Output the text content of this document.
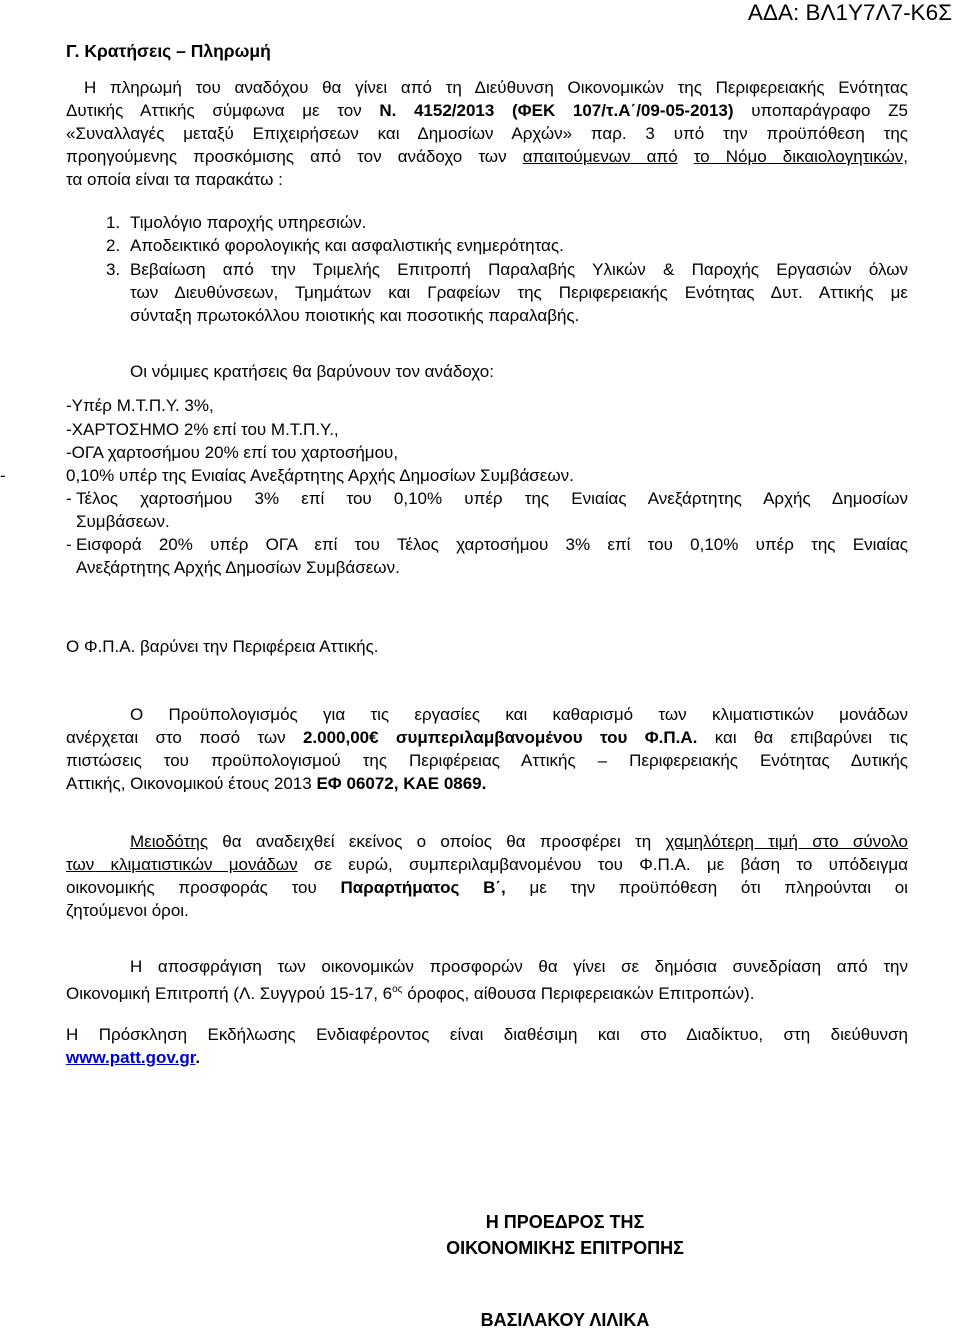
ΑΔΑ: ΒΛ1Υ7Λ7-Κ6Σ
Γ. Κρατήσεις – Πληρωμή
Η πληρωμή του αναδόχου θα γίνει από τη Διεύθυνση Οικονομικών της Περιφερειακής Ενότητας
Δυτικής Αττικής σύμφωνα με τον Ν. 4152/2013 (ΦΕΚ 107/τ.Α΄/09-05-2013) υποπαράγραφο Ζ5
«Συναλλαγές μεταξύ Επιχειρήσεων και Δημοσίων Αρχών» παρ. 3 υπό την προϋπόθεση της
προηγούμενης προσκόμισης από τον ανάδοχο των απαιτούμενων από το Νόμο δικαιολογητικών,
τα οποία είναι τα παρακάτω :
1. Τιμολόγιο παροχής υπηρεσιών.
2. Αποδεικτικό φορολογικής και ασφαλιστικής ενημερότητας.
3. Βεβαίωση από την Τριμελής Επιτροπή Παραλαβής Υλικών & Παροχής Εργασιών όλων
των Διευθύνσεων, Τμημάτων και Γραφείων της Περιφερειακής Ενότητας Δυτ. Αττικής με
σύνταξη πρωτοκόλλου ποιοτικής και ποσοτικής παραλαβής.
Οι νόμιμες κρατήσεις θα βαρύνουν τον ανάδοχο:
-Υπέρ Μ.Τ.Π.Υ. 3%,
-ΧΑΡΤΟΣΗΜΟ 2% επί του Μ.Τ.Π.Υ.,
-ΟΓΑ χαρτοσήμου 20% επί του χαρτοσήμου,
-	0,10% υπέρ της Ενιαίας Ανεξάρτητης Αρχής Δημοσίων Συμβάσεων.
- Τέλος χαρτοσήμου 3% επί του 0,10% υπέρ της Ενιαίας Ανεξάρτητης Αρχής Δημοσίων
Συμβάσεων.
- Εισφορά 20% υπέρ ΟΓΑ επί του Τέλος χαρτοσήμου 3% επί του 0,10% υπέρ της Ενιαίας
Ανεξάρτητης Αρχής Δημοσίων Συμβάσεων.
Ο Φ.Π.Α. βαρύνει την Περιφέρεια Αττικής.
Ο Προϋπολογισμός για τις εργασίες και καθαρισμό των κλιματιστικών μονάδων
ανέρχεται στο ποσό των 2.000,00€ συμπεριλαμβανομένου του Φ.Π.Α. και θα επιβαρύνει τις
πιστώσεις του προϋπολογισμού της Περιφέρειας Αττικής – Περιφερειακής Ενότητας Δυτικής
Αττικής, Οικονομικού έτους 2013 ΕΦ 06072, ΚΑΕ 0869.
Μειοδότης θα αναδειχθεί εκείνος ο οποίος θα προσφέρει τη χαμηλότερη τιμή στο σύνολο
των κλιματιστικών μονάδων σε ευρώ, συμπεριλαμβανομένου του Φ.Π.Α. με βάση το υπόδειγμα
οικονομικής προσφοράς του Παραρτήματος Β΄, με την προϋπόθεση ότι πληρούνται οι
ζητούμενοι όροι.
Η αποσφράγιση των οικονομικών προσφορών θα γίνει σε δημόσια συνεδρίαση από την
Οικονομική Επιτροπή (Λ. Συγγρού 15-17, $6^{o\varsigma}$ όροφος, αίθουσα Περιφερειακών Επιτροπών).
Η Πρόσκληση Εκδήλωσης Ενδιαφέροντος είναι διαθέσιμη και στο Διαδίκτυο, στη διεύθυνση
www.patt.gov.gr.
Η ΠΡΟΕΔΡΟΣ ΤΗΣ
ΟΙΚΟΝΟΜΙΚΗΣ ΕΠΙΤΡΟΠΗΣ
ΒΑΣΙΛΑΚΟΥ ΛΙΛΙΚΑ
